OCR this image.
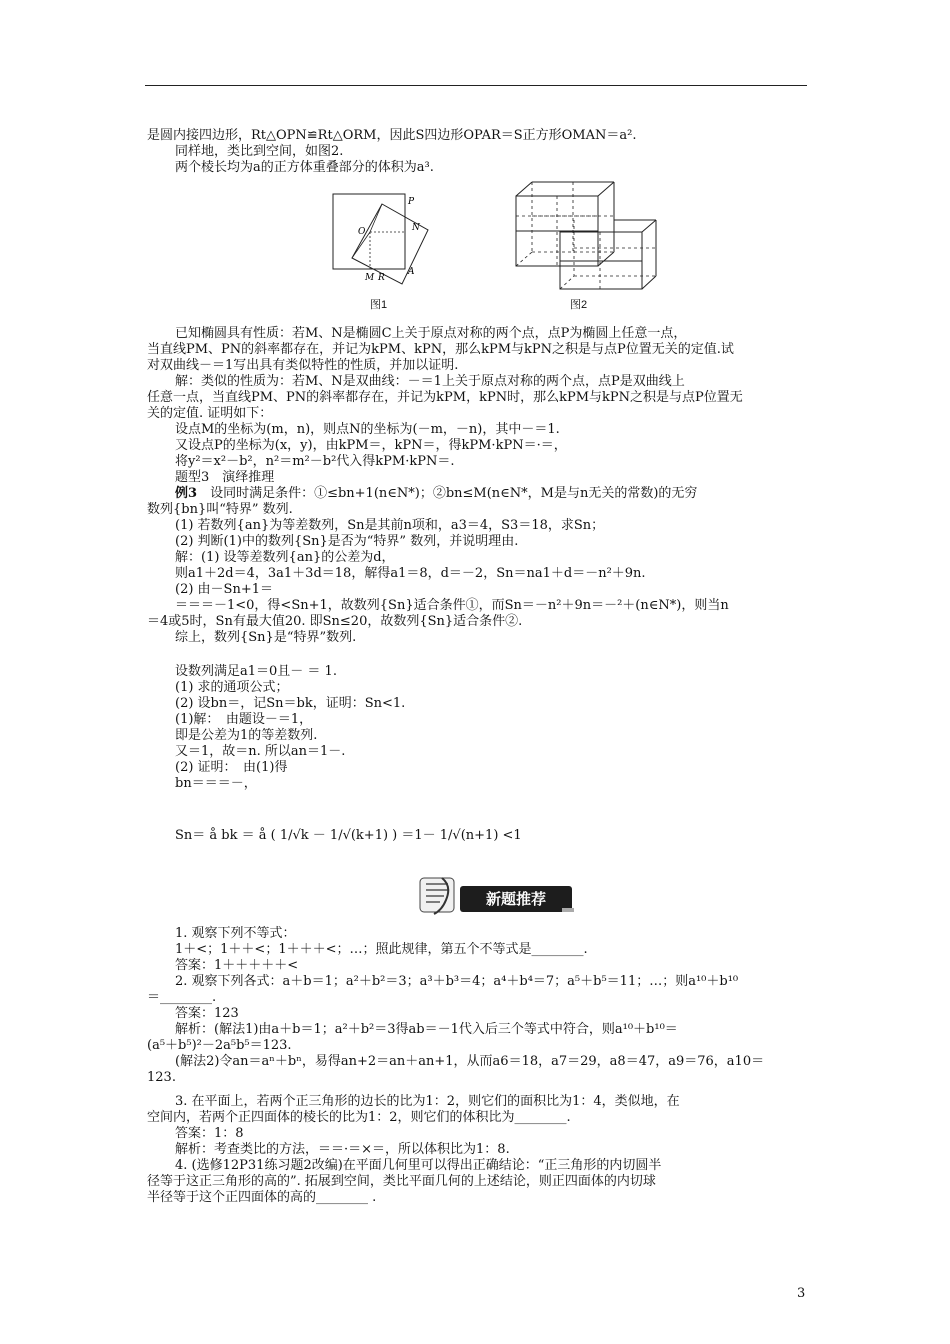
是圆内接四边形，Rt△OPN≌Rt△ORM，因此S四边形OPAR＝S正方形OMAN＝a².
同样地，类比到空间，如图2.
两个棱长均为a的正方体重叠部分的体积为a³.
P
N
O
M R
A
图1	图2
已知椭圆具有性质：若M、N是椭圆C上关于原点对称的两个点，点P为椭圆上任意一点，
当直线PM、PN的斜率都存在，并记为kPM、kPN，那么kPM与kPN之积是与点P位置无关的定值.试
对双曲线－＝1写出具有类似特性的性质，并加以证明.
解：类似的性质为：若M、N是双曲线：－＝1上关于原点对称的两个点，点P是双曲线上
任意一点，当直线PM、PN的斜率都存在，并记为kPM，kPN时，那么kPM与kPN之积是与点P位置无
关的定值. 证明如下：
设点M的坐标为(m，n)，则点N的坐标为(－m，－n)，其中－＝1.
又设点P的坐标为(x，y)，由kPM＝，kPN＝，得kPM·kPN＝·＝，
将y²＝x²－b²，n²＝m²－b²代入得kPM·kPN＝.
题型3　演绎推理
例3　 设同时满足条件：①≤bn+1(n∈N*)；②bn≤M(n∈N*，M是与n无关的常数)的无穷
数列{bn}叫“特界” 数列.
(1) 若数列{an}为等差数列，Sn是其前n项和，a3＝4，S3＝18，求Sn；
(2) 判断(1)中的数列{Sn}是否为“特界” 数列，并说明理由.
解：(1) 设等差数列{an}的公差为d，
则a1＋2d＝4，3a1＋3d＝18，解得a1＝8，d＝－2，Sn＝na1＋d＝－n²＋9n.
(2) 由－Sn+1＝
＝＝＝－1<0，得<Sn+1，故数列{Sn}适合条件①，而Sn＝－n²＋9n＝－²＋(n∈N*)，则当n
＝4或5时，Sn有最大值20. 即Sn≤20，故数列{Sn}适合条件②.
综上，数列{Sn}是“特界”数列.
设数列满足a1＝0且－ ＝ 1.
(1) 求的通项公式；
(2) 设bn＝，记Sn＝bk，证明：Sn<1.
(1)解：　由题设－＝1，
即是公差为1的等差数列.
又＝1，故＝n. 所以an＝1－.
(2) 证明：　由(1)得
bn＝＝＝－，
Sn＝ å bk ＝ å ( 1/√k － 1/√(k+1) ) ＝1－ 1/√(n+1) <1
新题推荐
1. 观察下列不等式：
1＋<；1＋＋<；1＋＋＋<；…；照此规律，第五个不等式是________.
答案：1＋＋＋＋＋<
2. 观察下列各式：a＋b＝1；a²＋b²＝3；a³＋b³＝4；a⁴＋b⁴＝7；a⁵＋b⁵＝11；…；则a¹⁰＋b¹⁰
＝________.
答案：123
解析：(解法1)由a＋b＝1；a²＋b²＝3得ab＝－1代入后三个等式中符合，则a¹⁰＋b¹⁰＝
(a⁵＋b⁵)²－2a⁵b⁵＝123.
(解法2)令an＝aⁿ＋bⁿ，易得an+2＝an＋an+1，从而a6＝18，a7＝29，a8＝47，a9＝76，a10＝
123.
3. 在平面上，若两个正三角形的边长的比为1：2，则它们的面积比为1：4，类似地，在
空间内，若两个正四面体的棱长的比为1：2，则它们的体积比为________.
答案：1：8
解析：考查类比的方法，＝＝·＝×＝，所以体积比为1：8.
4. (选修12P31练习题2改编)在平面几何里可以得出正确结论：“正三角形的内切圆半
径等于这正三角形的高的”. 拓展到空间，类比平面几何的上述结论，则正四面体的内切球
半径等于这个正四面体的高的________ .
3
